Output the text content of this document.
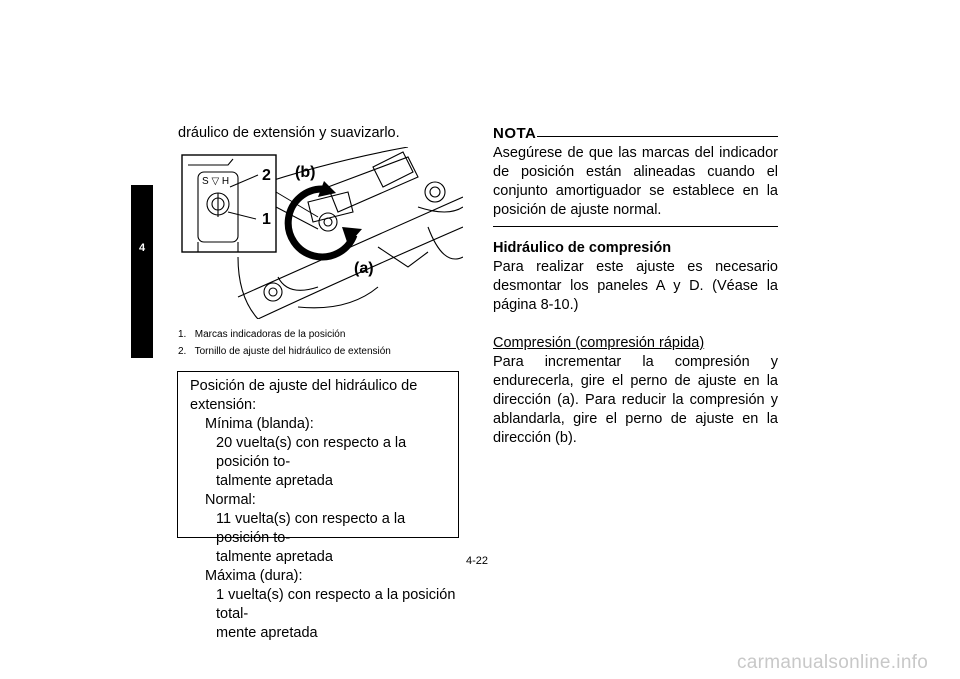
4
dráulico de extensión y suavizarlo.
S ▽ H 2
1
(b)
(a)
1. Marcas indicadoras de la posición
2. Tornillo de ajuste del hidráulico de extensión
Posición de ajuste del hidráulico de extensión:
Mínima (blanda):
20 vuelta(s) con respecto a la posición to-
talmente apretada
Normal:
11 vuelta(s) con respecto a la posición to-
talmente apretada
Máxima (dura):
1 vuelta(s) con respecto a la posición total-
mente apretada
NOTA
Asegúrese de que las marcas del indicador de posición están alineadas cuando el conjunto amortiguador se establece en la posición de ajuste normal.
Hidráulico de compresión

Para realizar este ajuste es necesario desmontar los paneles A y D. (Véase la página 8-10.)

Compresión (compresión rápida)

Para incrementar la compresión y endurecerla, gire el perno de ajuste en la dirección (a). Para reducir la compresión y ablandarla, gire el perno de ajuste en la dirección (b).

4-22
carmanualsonline.info
